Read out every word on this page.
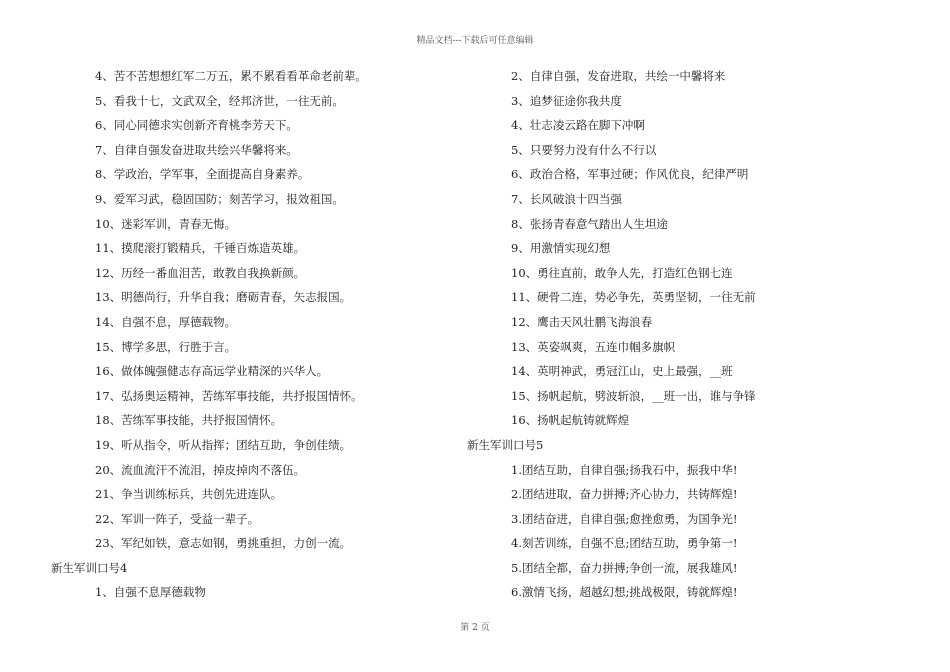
精品文档---下载后可任意编辑
4、苦不苦想想红军二万五，累不累看看革命老前辈。
5、看我十七，文武双全，经邦济世，一往无前。
6、同心同德求实创新齐育桃李芳天下。
7、自律自强发奋进取共绘兴华馨将来。
8、学政治，学军事，全面提高自身素养。
9、爱军习武，稳固国防；刻苦学习，报效祖国。
10、迷彩军训，青春无悔。
11、摸爬滚打锻精兵，千锤百炼造英雄。
12、历经一番血泪苦，敢教自我换新颜。
13、明德尚行，升华自我；磨砺青春，矢志报国。
14、自强不息，厚德载物。
15、博学多思，行胜于言。
16、做体魄强健志存高远学业精深的兴华人。
17、弘扬奥运精神，苦练军事技能，共抒报国情怀。
18、苦练军事技能，共抒报国情怀。
19、听从指令，听从指挥；团结互助，争创佳绩。
20、流血流汗不流泪，掉皮掉肉不落伍。
21、争当训练标兵，共创先进连队。
22、军训一阵子，受益一辈子。
23、军纪如铁，意志如钢，勇挑重担，力创一流。
新生军训口号4
1、自强不息厚德载物
2、自律自强，发奋进取，共绘一中馨将来
3、追梦征途你我共度
4、壮志凌云路在脚下冲啊
5、只要努力没有什么不行以
6、政治合格，军事过硬；作风优良，纪律严明
7、长风破浪十四当强
8、张扬青春意气踏出人生坦途
9、用激情实现幻想
10、勇往直前，敢争人先，打造红色钢七连
11、硬骨二连，势必争先，英勇坚韧，一往无前
12、鹰击天风壮鹏飞海浪春
13、英姿飒爽，五连巾帼多旗帜
14、英明神武，勇冠江山，史上最强，__班
15、扬帆起航，劈波斩浪，__班一出，谁与争锋
16、扬帆起航铸就辉煌
新生军训口号5
1.团结互助，自律自强;扬我石中，振我中华!
2.团结进取，奋力拼搏;齐心协力，共铸辉煌!
3.团结奋进，自律自强;愈挫愈勇，为国争光!
4.刻苦训练，自强不息;团结互助，勇争第一!
5.团结全都，奋力拼搏;争创一流，展我雄风!
6.激情飞扬，超越幻想;挑战极限，铸就辉煌!
第 2 页
